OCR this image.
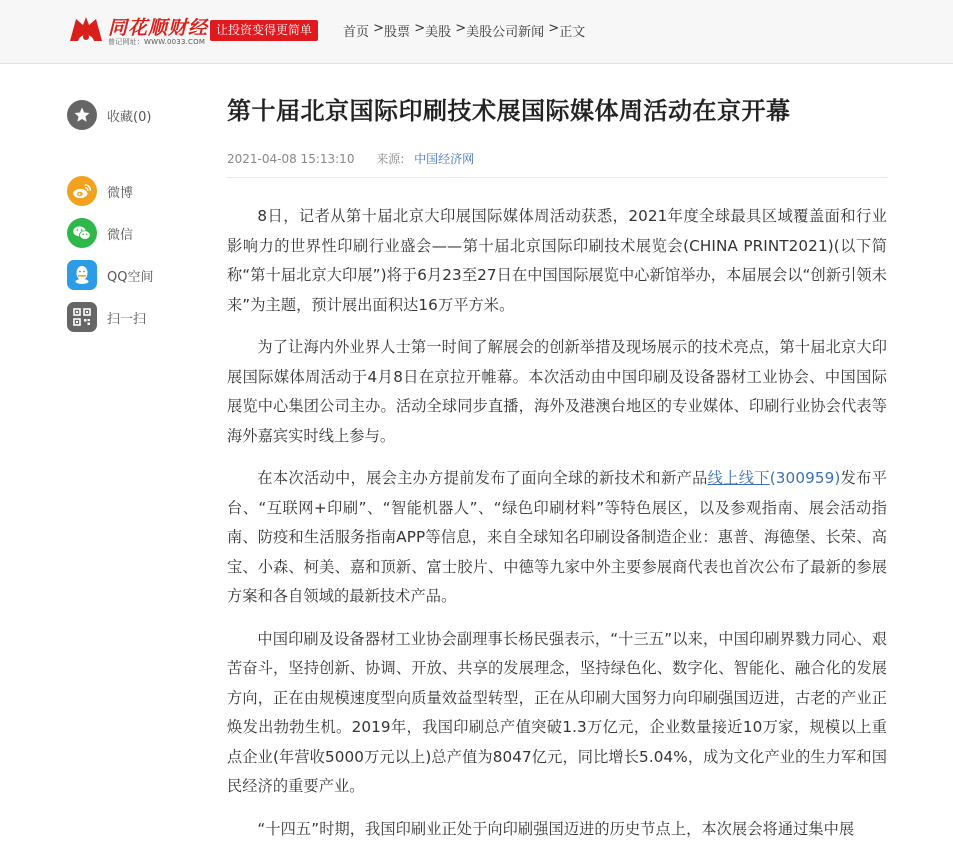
同花顺财经
曾记网址：WWW.0033.COM
让投资变得更简单	首页 > 股票 > 美股 > 美股公司新闻 > 正文
收藏(0)
微博
微信
QQ空间
扫一扫
第十届北京国际印刷技术展国际媒体周活动在京开幕
2021-04-08 15:13:10 来源: 中国经济网

8日，记者从第十届北京大印展国际媒体周活动获悉，2021年度全球最具区域覆盖面和行业影响力的世界性印刷行业盛会——第十届北京国际印刷技术展览会(CHINA PRINT2021)(以下简称“第十届北京大印展”)将于6月23至27日在中国国际展览中心新馆举办，本届展会以“创新引领未来”为主题，预计展出面积达16万平方米。

为了让海内外业界人士第一时间了解展会的创新举措及现场展示的技术亮点，第十届北京大印展国际媒体周活动于4月8日在京拉开帷幕。本次活动由中国印刷及设备器材工业协会、中国国际展览中心集团公司主办。活动全球同步直播，海外及港澳台地区的专业媒体、印刷行业协会代表等海外嘉宾实时线上参与。

在本次活动中，展会主办方提前发布了面向全球的新技术和新产品线上线下(300959)发布平台、“互联网+印刷”、“智能机器人”、“绿色印刷材料”等特色展区，以及参观指南、展会活动指南、防疫和生活服务指南APP等信息，来自全球知名印刷设备制造企业：惠普、海德堡、长荣、高宝、小森、柯美、嘉和顶新、富士胶片、中德等九家中外主要参展商代表也首次公布了最新的参展方案和各自领域的最新技术产品。

中国印刷及设备器材工业协会副理事长杨民强表示，“十三五”以来，中国印刷界戮力同心、艰苦奋斗，坚持创新、协调、开放、共享的发展理念，坚持绿色化、数字化、智能化、融合化的发展方向，正在由规模速度型向质量效益型转型，正在从印刷大国努力向印刷强国迈进，古老的产业正焕发出勃勃生机。2019年，我国印刷总产值突破1.3万亿元，企业数量接近10万家，规模以上重点企业(年营收5000万元以上)总产值为8047亿元，同比增长5.04%，成为文化产业的生力军和国民经济的重要产业。

“十四五”时期，我国印刷业正处于向印刷强国迈进的历史节点上，本次展会将通过集中展
